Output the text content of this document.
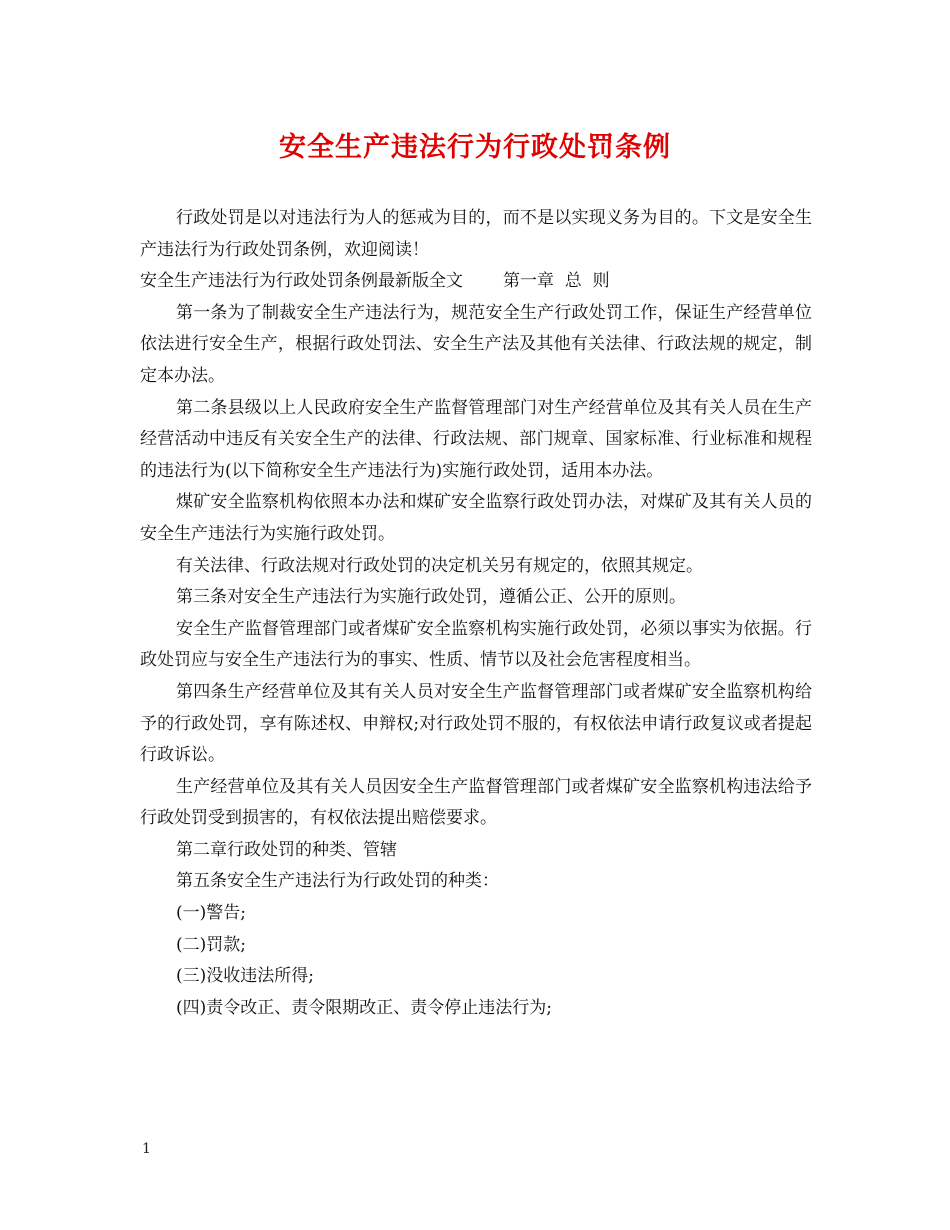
安全生产违法行为行政处罚条例

行政处罚是以对违法行为人的惩戒为目的，而不是以实现义务为目的。下文是安全生产违法行为行政处罚条例，欢迎阅读！

安全生产违法行为行政处罚条例最新版全文 第一章  总  则

第一条为了制裁安全生产违法行为，规范安全生产行政处罚工作，保证生产经营单位依法进行安全生产，根据行政处罚法、安全生产法及其他有关法律、行政法规的规定，制定本办法。

第二条县级以上人民政府安全生产监督管理部门对生产经营单位及其有关人员在生产经营活动中违反有关安全生产的法律、行政法规、部门规章、国家标准、行业标准和规程的违法行为(以下简称安全生产违法行为)实施行政处罚，适用本办法。

煤矿安全监察机构依照本办法和煤矿安全监察行政处罚办法，对煤矿及其有关人员的安全生产违法行为实施行政处罚。

有关法律、行政法规对行政处罚的决定机关另有规定的，依照其规定。

第三条对安全生产违法行为实施行政处罚，遵循公正、公开的原则。

安全生产监督管理部门或者煤矿安全监察机构实施行政处罚，必须以事实为依据。行政处罚应与安全生产违法行为的事实、性质、情节以及社会危害程度相当。

第四条生产经营单位及其有关人员对安全生产监督管理部门或者煤矿安全监察机构给予的行政处罚，享有陈述权、申辩权;对行政处罚不服的，有权依法申请行政复议或者提起行政诉讼。

生产经营单位及其有关人员因安全生产监督管理部门或者煤矿安全监察机构违法给予行政处罚受到损害的，有权依法提出赔偿要求。

第二章行政处罚的种类、管辖

第五条安全生产违法行为行政处罚的种类：

(一)警告;

(二)罚款;

(三)没收违法所得;

(四)责令改正、责令限期改正、责令停止违法行为;

1
